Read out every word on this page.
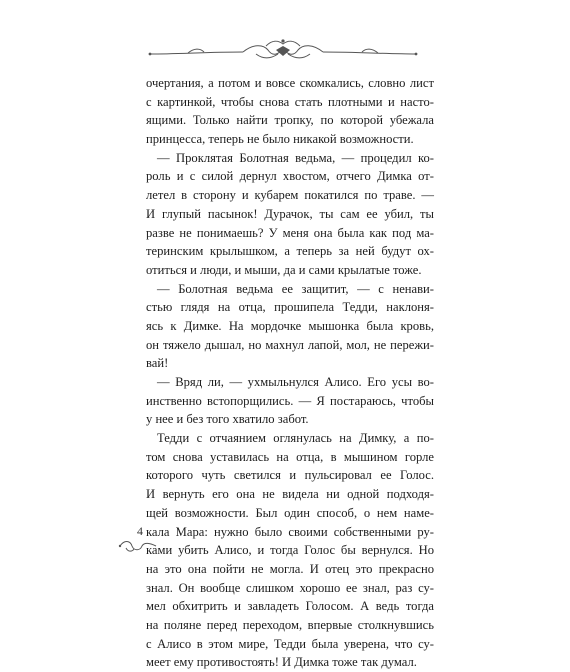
очертания, а потом и вовсе скомкались, словно лист
с картинкой, чтобы снова стать плотными и насто-
ящими. Только найти тропку, по которой убежала
принцесса, теперь не было никакой возможности.
— Проклятая Болотная ведьма, — процедил ко-
роль и с силой дернул хвостом, отчего Димка от-
летел в сторону и кубарем покатился по траве. —
И глупый пасынок! Дурачок, ты сам ее убил, ты
разве не понимаешь? У меня она была как под ма-
теринским крылышком, а теперь за ней будут ох-
отиться и люди, и мыши, да и сами крылатые тоже.
— Болотная ведьма ее защитит, — с ненави-
стью глядя на отца, прошипела Тедди, наклоня-
ясь к Димке. На мордочке мышонка была кровь,
он тяжело дышал, но махнул лапой, мол, не пережи-
вай!
— Вряд ли, — ухмыльнулся Алисо. Его усы во-
инственно встопорщились. — Я постараюсь, чтобы
у нее и без того хватило забот.
Тедди с отчаянием оглянулась на Димку, а по-
том снова уставилась на отца, в мышином горле
которого чуть светился и пульсировал ее Голос.
И вернуть его она не видела ни одной подходя-
щей возможности. Был один способ, о нем наме-
кала Мара: нужно было своими собственными ру-
ками убить Алисо, и тогда Голос бы вернулся. Но
на это она пойти не могла. И отец это прекрасно
знал. Он вообще слишком хорошо ее знал, раз су-
мел обхитрить и завладеть Голосом. А ведь тогда
на поляне перед переходом, впервые столкнувшись
с Алисо в этом мире, Тедди была уверена, что су-
меет ему противостоять! И Димка тоже так думал.
4
